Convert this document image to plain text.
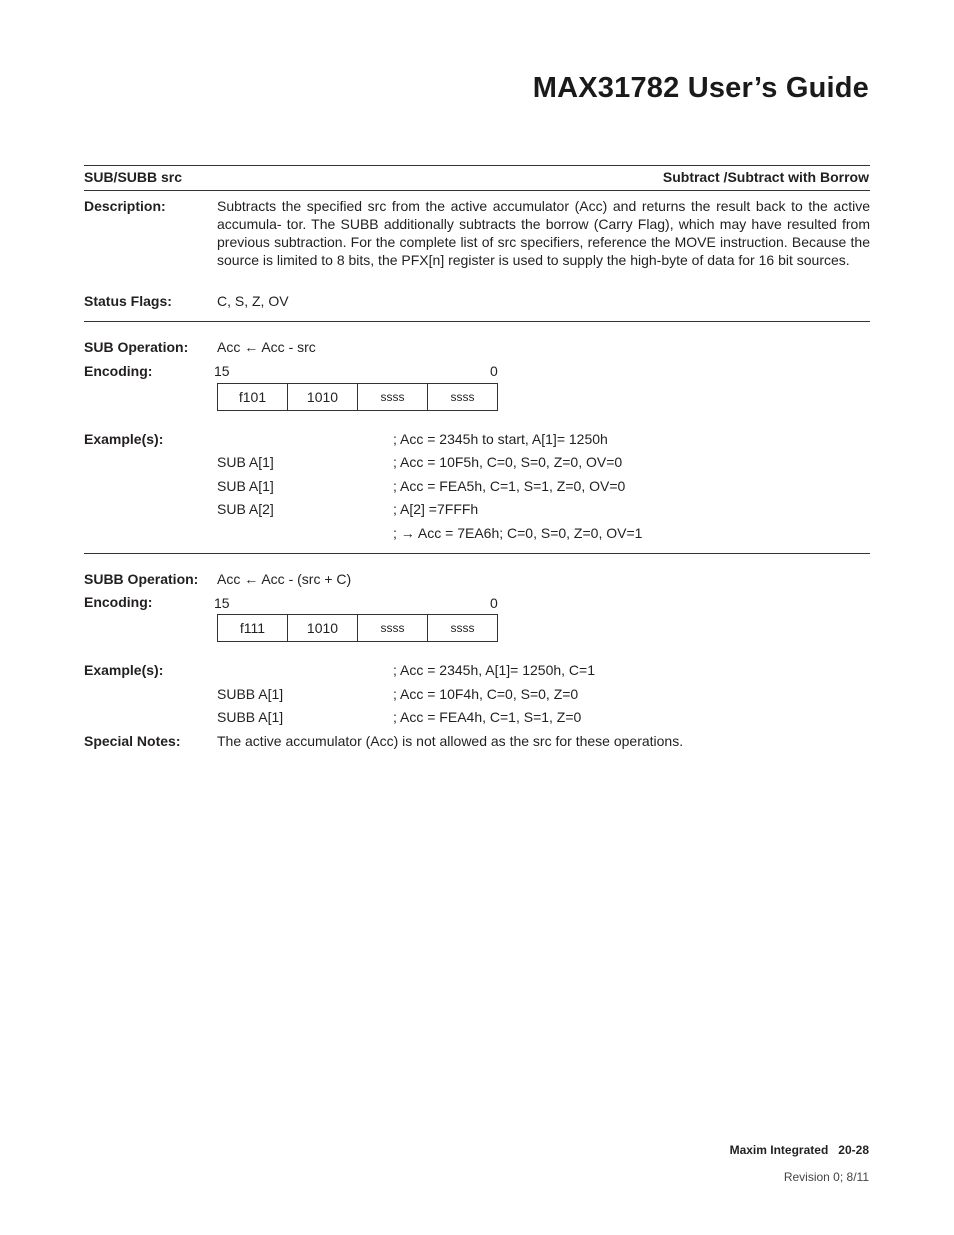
MAX31782 User’s Guide
SUB/SUBB src	Subtract /Subtract with Borrow
Description:	Subtracts the specified src from the active accumulator (Acc) and returns the result back to the active accumula- tor. The SUBB additionally subtracts the borrow (Carry Flag), which may have resulted from previous subtraction. For the complete list of src specifiers, reference the MOVE instruction. Because the source is limited to 8 bits, the PFX[n] register is used to supply the high-byte of data for 16 bit sources.
Status Flags:	C, S, Z, OV
SUB Operation: Acc ← Acc - src
Encoding:	15	0
f101	1010	ssss	ssss
Example(s):	; Acc = 2345h to start, A[1]= 1250h
SUB A[1]	; Acc = 10F5h, C=0, S=0, Z=0, OV=0
SUB A[1]	; Acc = FEA5h, C=1, S=1, Z=0, OV=0
SUB A[2]	; A[2] =7FFFh
; → Acc = 7EA6h; C=0, S=0, Z=0, OV=1
SUBB Operation: Acc ← Acc - (src + C)
Encoding:	15	0
f111	1010	ssss	ssss
Example(s):	; Acc = 2345h, A[1]= 1250h, C=1
SUBB A[1]	; Acc = 10F4h, C=0, S=0, Z=0
SUBB A[1]	; Acc = FEA4h, C=1, S=1, Z=0
Special Notes:	The active accumulator (Acc) is not allowed as the src for these operations.
Maxim Integrated 20-28
Revision 0; 8/11
